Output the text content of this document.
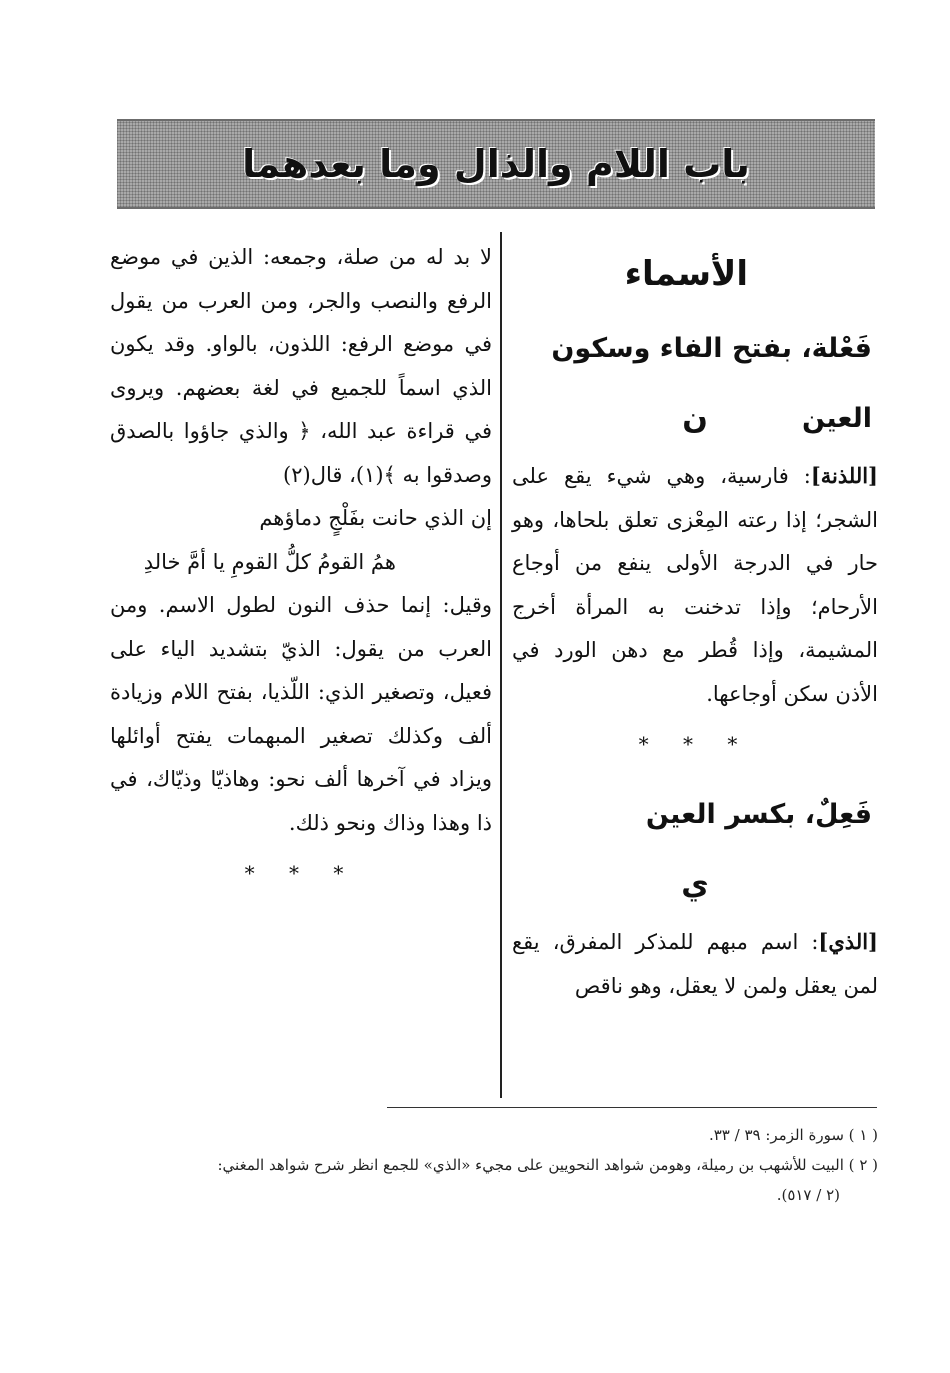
باب اللام والذال وما بعدهما
الأسماء
فَعْلة، بفتح الفاء وسكون العين
ن

[اللذنة]: فارسية، وهي شيء يقع على الشجر؛ إذا رعته المِعْزى تعلق بلحاها، وهو حار في الدرجة الأولى ينفع من أوجاع الأرحام؛ وإذا تدخنت به المرأة أخرج المشيمة، وإذا قُطر مع دهن الورد في الأذن سكن أوجاعها.

* * *
فَعِلٌ، بكسر العين
ي

[الذي]: اسم مبهم للمذكر المفرق، يقع لمن يعقل ولمن لا يعقل، وهو ناقص

لا بد له من صلة، وجمعه: الذين في موضع الرفع والنصب والجر، ومن العرب من يقول في موضع الرفع: اللذون، بالواو. وقد يكون الذي اسماً للجميع في لغة بعضهم. ويروى في قراءة عبد الله، ﴿ والذي جاؤوا بالصدق وصدقوا به ﴾(١)، قال(٢)

إن الذي حانت بفَلْجٍ دماؤهم

همُ القومُ كلُّ القومِ يا أمَّ خالدِ

وقيل: إنما حذف النون لطول الاسم. ومن العرب من يقول: الذيّ بتشديد الياء على فعيل، وتصغير الذي: اللّذيا، بفتح اللام وزيادة ألف وكذلك تصغير المبهمات يفتح أوائلها ويزاد في آخرها ألف نحو: وهاذيّا وذيّاك، في ذا وهذا وذاك ونحو ذلك.

* * *

( ١ ) سورة الزمر: ٣٩ / ٣٣.

( ٢ ) البيت للأشهب بن رميلة، وهومن شواهد النحويين على مجيء «الذي» للجمع انظر شرح شواهد المغني:

(٢ / ٥١٧).
